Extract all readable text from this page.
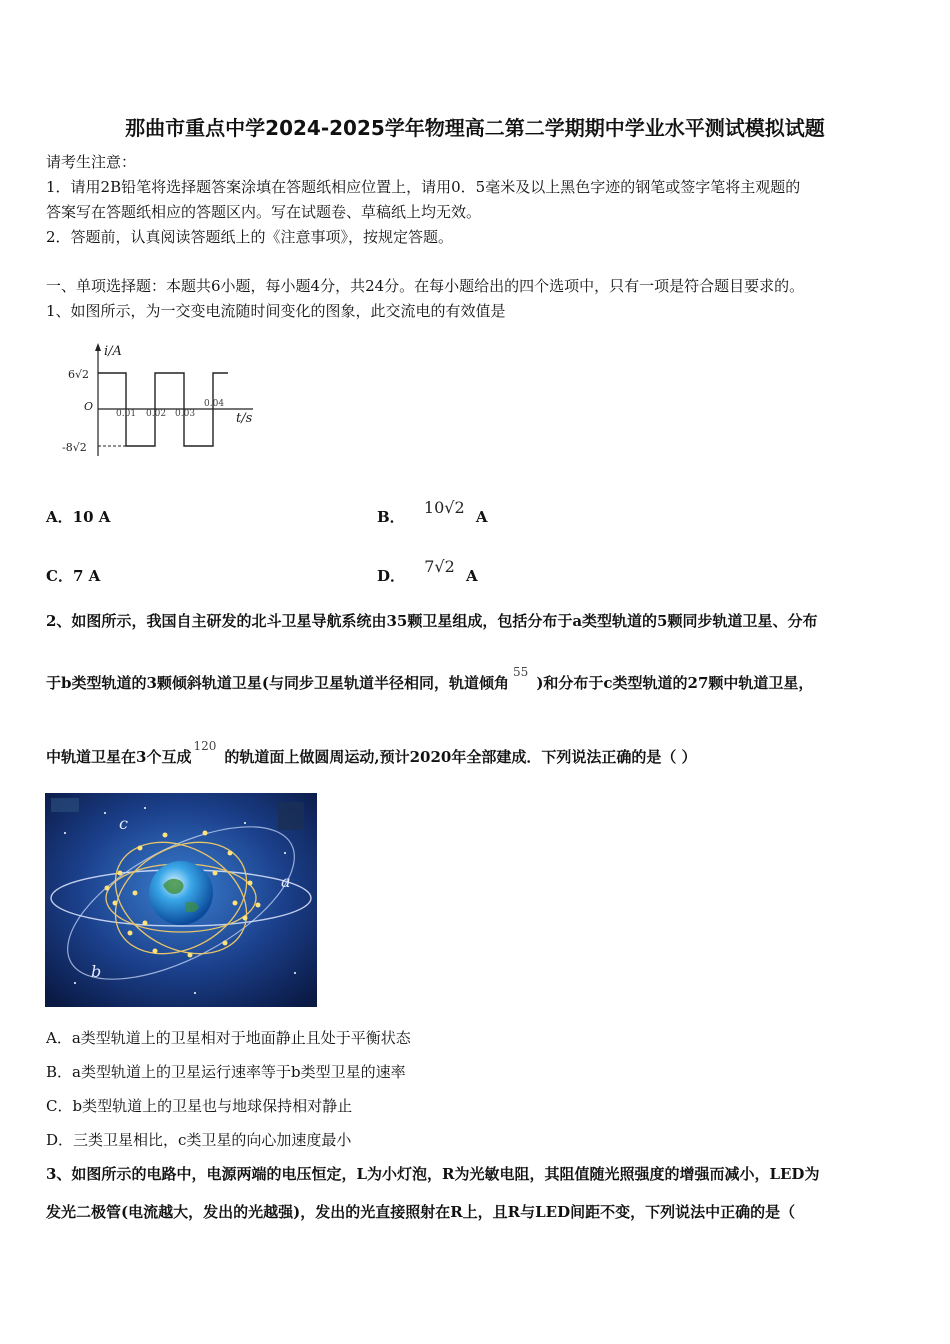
那曲市重点中学2024-2025学年物理高二第二学期期中学业水平测试模拟试题
请考生注意：
1．请用2B铅笔将选择题答案涂填在答题纸相应位置上，请用0．5毫米及以上黑色字迹的钢笔或签字笔将主观题的
答案写在答题纸相应的答题区内。写在试题卷、草稿纸上均无效。
2．答题前，认真阅读答题纸上的《注意事项》，按规定答题。
一、单项选择题：本题共6小题，每小题4分，共24分。在每小题给出的四个选项中，只有一项是符合题目要求的。
1、如图所示，为一交变电流随时间变化的图象，此交流电的有效值是
i/A
t/s
O
6√2
-8√2
0.01 0.02 0.03
0.04
A．10 A	B． 10√2 A
C．7 A	D． 7√2 A
2、如图所示，我国自主研发的北斗卫星导航系统由35颗卫星组成，包括分布于a类型轨道的5颗同步轨道卫星、分布
于b类型轨道的3颗倾斜轨道卫星(与同步卫星轨道半径相同，轨道倾角$^{55}$)和分布于c类型轨道的27颗中轨道卫星，
中轨道卫星在3个互成$^{120}$的轨道面上做圆周运动,预计2020年全部建成．下列说法正确的是（ ）
c
a
b
A．a类型轨道上的卫星相对于地面静止且处于平衡状态
B．a类型轨道上的卫星运行速率等于b类型卫星的速率
C．b类型轨道上的卫星也与地球保持相对静止
D．三类卫星相比，c类卫星的向心加速度最小
3、如图所示的电路中，电源两端的电压恒定，L为小灯泡，R为光敏电阻，其阻值随光照强度的增强而减小，LED为
发光二极管(电流越大，发出的光越强)，发出的光直接照射在R上，且R与LED间距不变，下列说法中正确的是（
